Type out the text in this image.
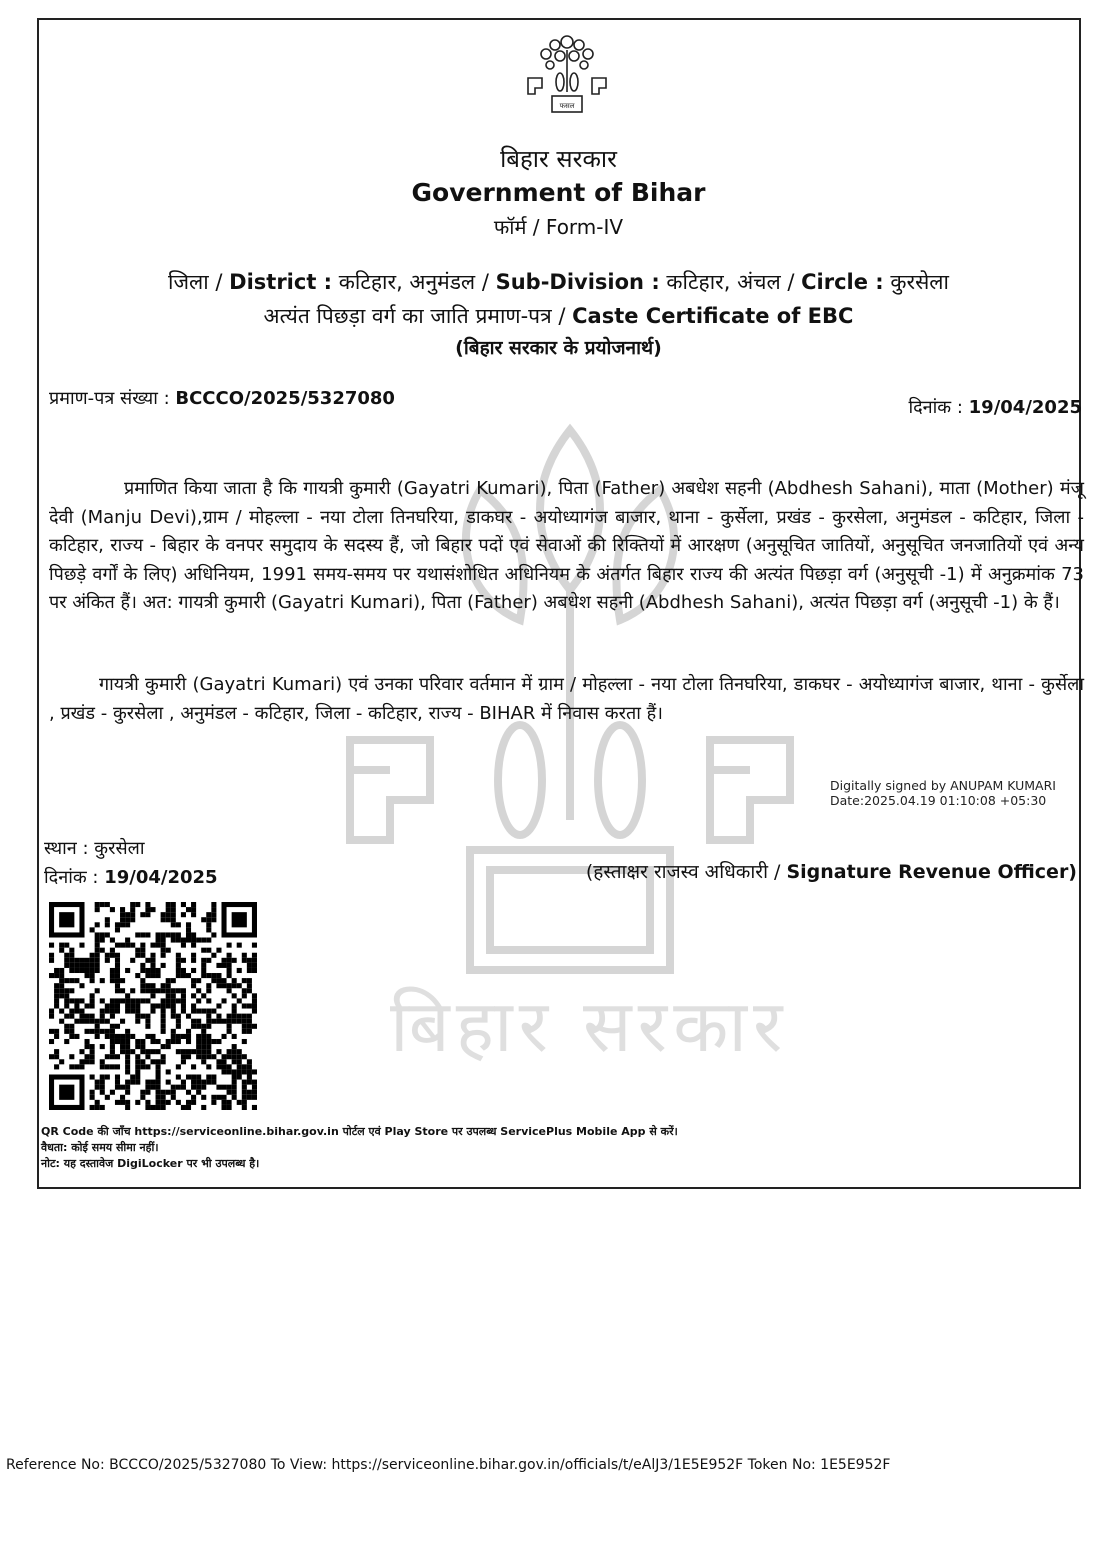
बिहार सरकार
फसल
बिहार सरकार
Government of Bihar
फॉर्म / Form-IV
जिला / District : कटिहार, अनुमंडल / Sub-Division : कटिहार, अंचल / Circle : कुरसेला
अत्यंत पिछड़ा वर्ग का जाति प्रमाण-पत्र / Caste Certificate of EBC
(बिहार सरकार के प्रयोजनार्थ)
प्रमाण-पत्र संख्या : BCCCO/2025/5327080	दिनांक : 19/04/2025
प्रमाणित किया जाता है कि गायत्री कुमारी (Gayatri Kumari), पिता (Father) अबधेश सहनी (Abdhesh Sahani), माता (Mother) मंजू देवी (Manju Devi),ग्राम / मोहल्ला - नया टोला तिनघरिया, डाकघर - अयोध्यागंज बाजार, थाना - कुर्सेला, प्रखंड - कुरसेला, अनुमंडल - कटिहार, जिला - कटिहार, राज्य - बिहार के वनपर समुदाय के सदस्य हैं, जो बिहार पदों एवं सेवाओं की रिक्तियों में आरक्षण (अनुसूचित जातियों, अनुसूचित जनजातियों एवं अन्य पिछड़े वर्गों के लिए) अधिनियम, 1991 समय-समय पर यथासंशोधित अधिनियम के अंतर्गत बिहार राज्य की अत्यंत पिछड़ा वर्ग (अनुसूची -1) में अनुक्रमांक 73 पर अंकित हैं। अत: गायत्री कुमारी (Gayatri Kumari), पिता (Father) अबधेश सहनी (Abdhesh Sahani), अत्यंत पिछड़ा वर्ग (अनुसूची -1) के हैं।
गायत्री कुमारी (Gayatri Kumari) एवं उनका परिवार वर्तमान में ग्राम / मोहल्ला - नया टोला तिनघरिया, डाकघर - अयोध्यागंज बाजार, थाना - कुर्सेला , प्रखंड - कुरसेला , अनुमंडल - कटिहार, जिला - कटिहार, राज्य - BIHAR में निवास करता हैं।
Digitally signed by ANUPAM KUMARI
Date:2025.04.19 01:10:08 +05:30
स्थान : कुरसेला
दिनांक : 19/04/2025	(हस्ताक्षर राजस्व अधिकारी / Signature Revenue Officer)
QR Code की जाँच https://serviceonline.bihar.gov.in पोर्टल एवं Play Store पर उपलब्ध ServicePlus Mobile App से करें।
वैधता: कोई समय सीमा नहीं।
नोट: यह दस्तावेज DigiLocker पर भी उपलब्ध है।
Reference No: BCCCO/2025/5327080 To View: https://serviceonline.bihar.gov.in/officials/t/eAlJ3/1E5E952F Token No: 1E5E952F
